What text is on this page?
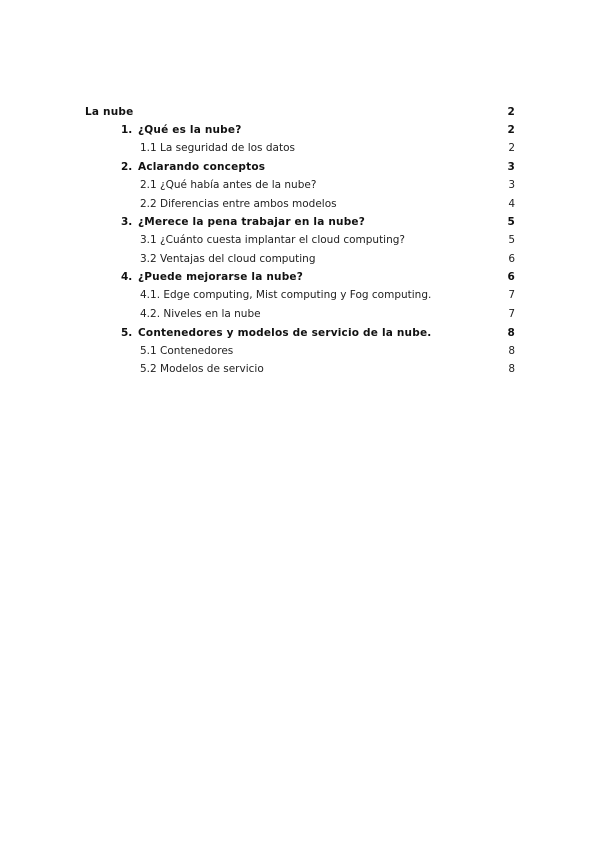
La nube	2
1. ¿Qué es la nube?	2
1.1 La seguridad de los datos	2
2. Aclarando conceptos	3
2.1 ¿Qué había antes de la nube?	3
2.2 Diferencias entre ambos modelos	4
3. ¿Merece la pena trabajar en la nube?	5
3.1 ¿Cuánto cuesta implantar el cloud computing?	5
3.2 Ventajas del cloud computing	6
4. ¿Puede mejorarse la nube?	6
4.1. Edge computing, Mist computing y Fog computing.	7
4.2. Niveles en la nube	7
5. Contenedores y modelos de servicio de la nube.	8
5.1 Contenedores	8
5.2 Modelos de servicio	8
